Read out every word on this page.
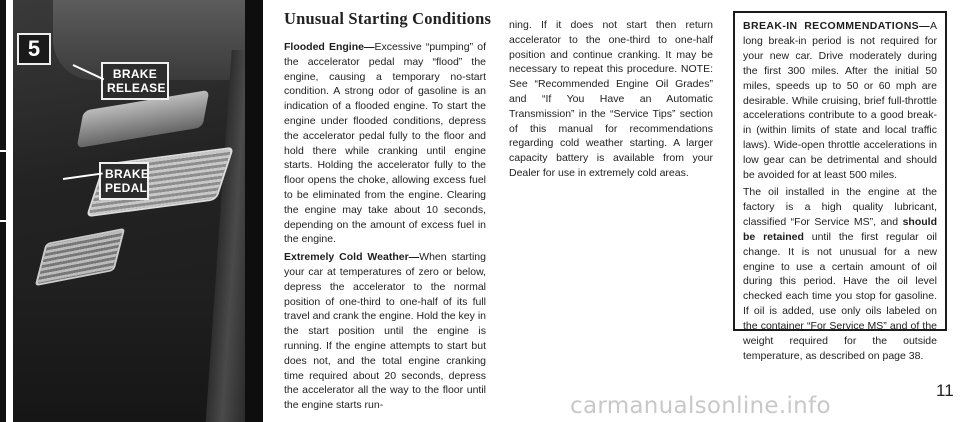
5
BRAKE RELEASE
BRAKE PEDAL
Unusual Starting Conditions

Flooded Engine—Excessive “pumping” of the accelerator pedal may “flood” the engine, causing a temporary no-start condition. A strong odor of gasoline is an indication of a flooded engine. To start the engine under flooded conditions, depress the accelerator pedal fully to the floor and hold there while cranking until engine starts. Holding the accelerator fully to the floor opens the choke, allowing excess fuel to be eliminated from the engine. Clearing the engine may take about 10 seconds, depending on the amount of excess fuel in the engine.

Extremely Cold Weather—When starting your car at temperatures of zero or below, depress the accelerator to the normal position of one-third to one-half of its full travel and crank the engine. Hold the key in the start position until the engine is running. If the engine attempts to start but does not, and the total engine cranking time required about 20 seconds, depress the accelerator all the way to the floor until the engine starts run-

ning. If it does not start then return accelerator to the one-third to one-half position and continue cranking. It may be necessary to repeat this procedure. NOTE: See “Recommended Engine Oil Grades” and “If You Have an Automatic Transmission” in the “Service Tips” section of this manual for recommendations regarding cold weather starting. A larger capacity battery is available from your Dealer for use in extremely cold areas.

BREAK-IN RECOMMENDATIONS—A long break-in period is not required for your new car. Drive moderately during the first 300 miles. After the initial 50 miles, speeds up to 50 or 60 mph are desirable. While cruising, brief full-throttle accelerations contribute to a good break-in (within limits of state and local traffic laws). Wide-open throttle accelerations in low gear can be detrimental and should be avoided for at least 500 miles.

The oil installed in the engine at the factory is a high quality lubricant, classified “For Service MS”, and should be retained until the first regular oil change. It is not unusual for a new engine to use a certain amount of oil during this period. Have the oil level checked each time you stop for gasoline. If oil is added, use only oils labeled on the container “For Service MS” and of the weight required for the outside temperature, as described on page 38.

11
carmanualsonline.info
